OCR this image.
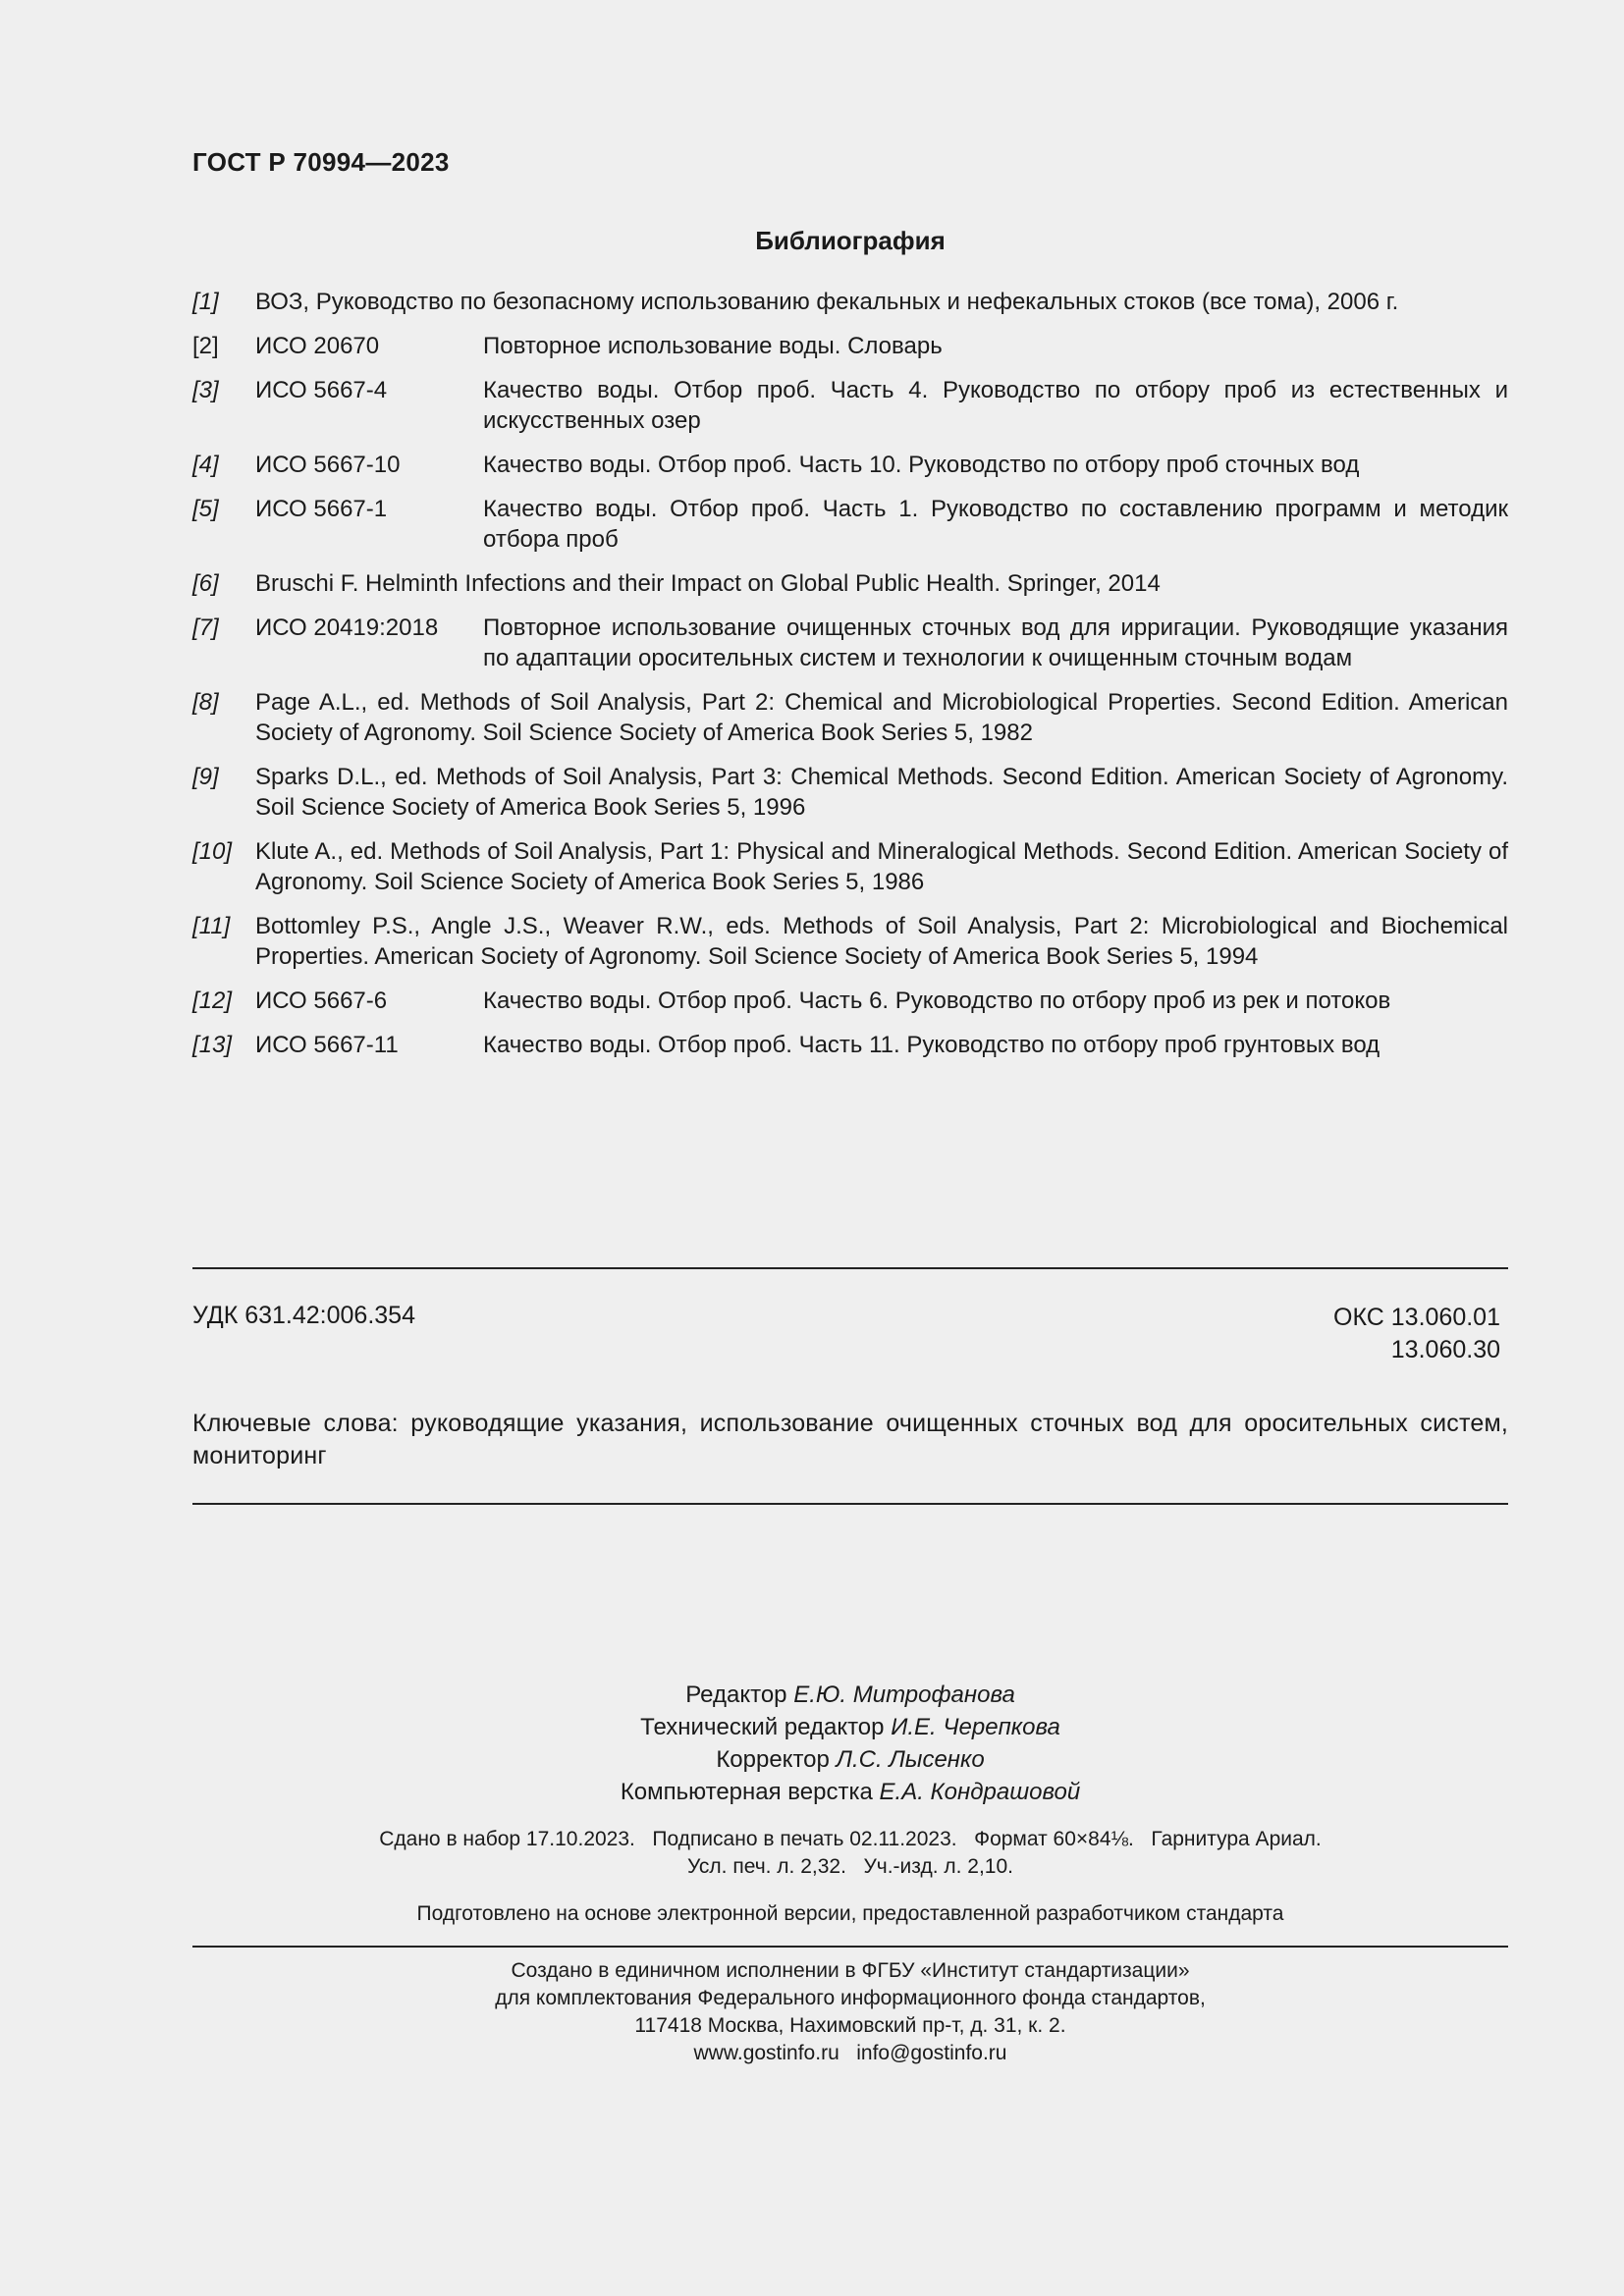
ГОСТ Р 70994—2023
Библиография
[1]	ВОЗ, Руководство по безопасному использованию фекальных и нефекальных стоков (все тома), 2006 г.
[2]	ИСО 20670	Повторное использование воды. Словарь
[3]	ИСО 5667-4	Качество воды. Отбор проб. Часть 4. Руководство по отбору проб из естественных и искусственных озер
[4]	ИСО 5667-10	Качество воды. Отбор проб. Часть 10. Руководство по отбору проб сточных вод
[5]	ИСО 5667-1	Качество воды. Отбор проб. Часть 1. Руководство по составлению программ и методик отбора проб
[6]	Bruschi F. Helminth Infections and their Impact on Global Public Health. Springer, 2014
[7]	ИСО 20419:2018 Повторное использование очищенных сточных вод для ирригации. Руководящие указания по адаптации оросительных систем и технологии к очищенным сточным водам
[8]	Page A.L., ed. Methods of Soil Analysis, Part 2: Chemical and Microbiological Properties. Second Edition. American Society of Agronomy. Soil Science Society of America Book Series 5, 1982
[9]	Sparks D.L., ed. Methods of Soil Analysis, Part 3: Chemical Methods. Second Edition. American Society of Agronomy. Soil Science Society of America Book Series 5, 1996
[10] Klute A., ed. Methods of Soil Analysis, Part 1: Physical and Mineralogical Methods. Second Edition. American Society of Agronomy. Soil Science Society of America Book Series 5, 1986
[11]	Bottomley P.S., Angle J.S., Weaver R.W., eds. Methods of Soil Analysis, Part 2: Microbiological and Biochemical Properties. American Society of Agronomy. Soil Science Society of America Book Series 5, 1994
[12] ИСО 5667-6	Качество воды. Отбор проб. Часть 6. Руководство по отбору проб из рек и потоков
[13] ИСО 5667-11	Качество воды. Отбор проб. Часть 11. Руководство по отбору проб грунтовых вод
УДК 631.42:006.354	ОКС 13.060.01
13.060.30
Ключевые слова: руководящие указания, использование очищенных сточных вод для оросительных систем, мониторинг
Редактор Е.Ю. Митрофанова
Технический редактор И.Е. Черепкова
Корректор Л.С. Лысенко
Компьютерная верстка Е.А. Кондрашовой
Сдано в набор 17.10.2023.   Подписано в печать 02.11.2023.   Формат 60×84⅛.   Гарнитура Ариал.
Усл. печ. л. 2,32.   Уч.-изд. л. 2,10.
Подготовлено на основе электронной версии, предоставленной разработчиком стандарта
Создано в единичном исполнении в ФГБУ «Институт стандартизации»
для комплектования Федерального информационного фонда стандартов,
117418 Москва, Нахимовский пр-т, д. 31, к. 2.
www.gostinfo.ru   info@gostinfo.ru
